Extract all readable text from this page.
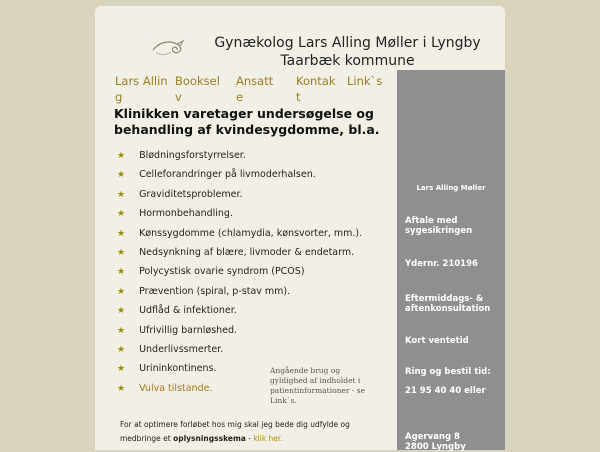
Gynækolog Lars Alling Møller i Lyngby Taarbæk kommune
Lars Alling
Booksel v
Ansatt e
Kontak t
Link`s
Klinikken varetager undersøgelse og behandling af kvindesygdomme, bl.a.
★ Blødningsforstyrrelser.
★ Celleforandringer på livmoderhalsen.
★ Graviditetsproblemer.
★ Hormonbehandling.
★ Kønssygdomme (chlamydia, kønsvorter, mm.).
★ Nedsynkning af blære, livmoder & endetarm.
★ Polycystisk ovarie syndrom (PCOS)
★ Prævention (spiral, p-stav mm).
★ Udflåd & infektioner.
★ Ufrivillig barnløshed.
★ Underlivssmerter.
★ Urininkontinens.
★ Vulva tilstande.
Angående brug og gyldighed af indholdet i patientinformationer - se Link`s.
For at optimere forløbet hos mig skal jeg bede dig udfylde og medbringe et oplysningsskema - klik her.
Lars Alling Møller
Aftale med sygesikringen
Ydernr. 210196
Eftermiddags- & aftenkonsultation
Kort ventetid
Ring og bestil tid:
21 95 40 40 eller
Agervang 8
2800 Lyngby
